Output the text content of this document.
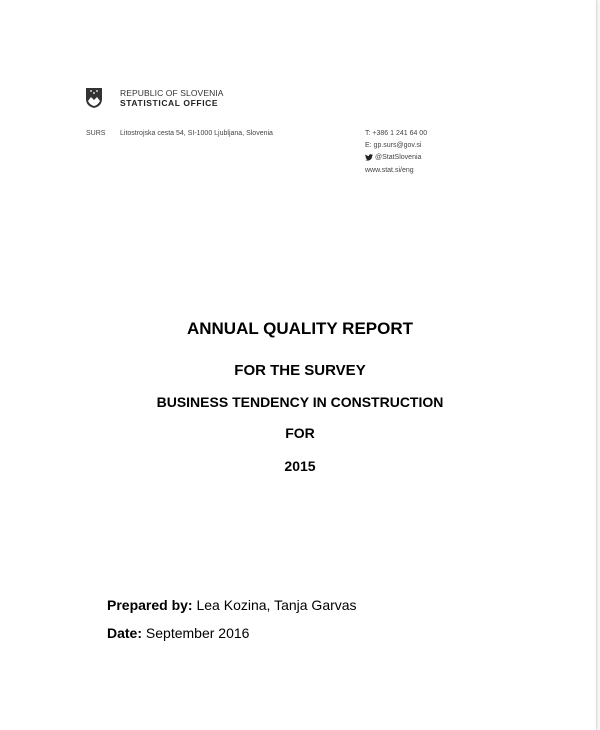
REPUBLIC OF SLOVENIA
STATISTICAL OFFICE
SURS Litostrojska cesta 54, SI-1000 Ljubljana, Slovenia	T: +386 1 241 64 00
E: gp.surs@gov.si
@StatSlovenia
www.stat.si/eng
ANNUAL QUALITY REPORT
FOR THE SURVEY
BUSINESS TENDENCY IN CONSTRUCTION
FOR
2015
Prepared by: Lea Kozina, Tanja Garvas
Date: September 2016
